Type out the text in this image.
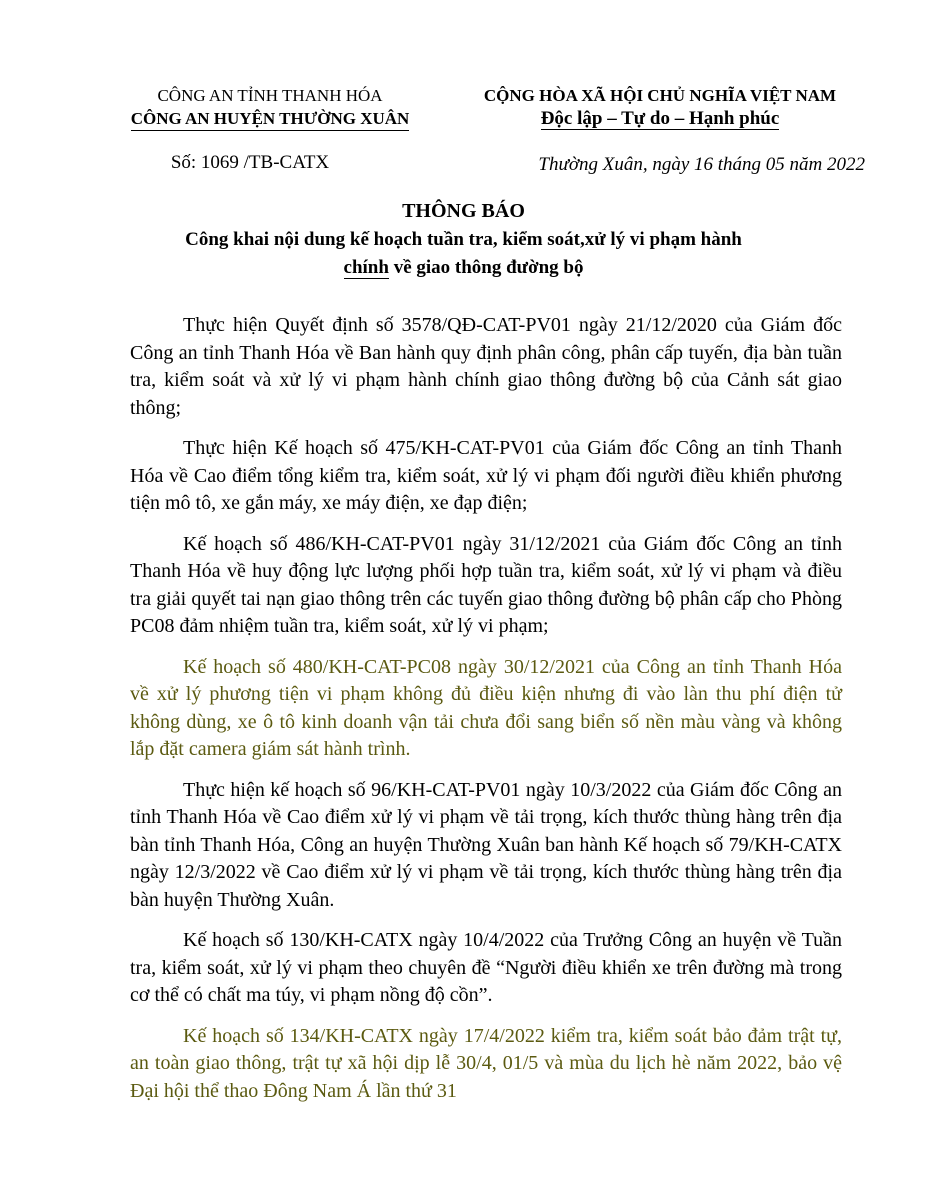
CÔNG AN TỈNH THANH HÓA
CÔNG AN HUYỆN THƯỜNG XUÂN
CỘNG HÒA XÃ HỘI CHỦ NGHĨA VIỆT NAM
Độc lập – Tự do – Hạnh phúc
Số: 1069 /TB-CATX	Thường Xuân, ngày 16 tháng 05 năm 2022
THÔNG BÁO
Công khai nội dung kế hoạch tuần tra, kiểm soát,xử lý vi phạm hành chính về giao thông đường bộ

Thực hiện Quyết định số 3578/QĐ-CAT-PV01 ngày 21/12/2020 của Giám đốc Công an tỉnh Thanh Hóa về Ban hành quy định phân công, phân cấp tuyến, địa bàn tuần tra, kiểm soát và xử lý vi phạm hành chính giao thông đường bộ của Cảnh sát giao thông;

Thực hiện Kế hoạch số 475/KH-CAT-PV01 của Giám đốc Công an tỉnh Thanh Hóa về Cao điểm tổng kiểm tra, kiểm soát, xử lý vi phạm đối người điều khiển phương tiện mô tô, xe gắn máy, xe máy điện, xe đạp điện;

Kế hoạch số 486/KH-CAT-PV01 ngày 31/12/2021 của Giám đốc Công an tỉnh Thanh Hóa về huy động lực lượng phối hợp tuần tra, kiểm soát, xử lý vi phạm và điều tra giải quyết tai nạn giao thông trên các tuyến giao thông đường bộ phân cấp cho Phòng PC08 đảm nhiệm tuần tra, kiểm soát, xử lý vi phạm;

Kế hoạch số 480/KH-CAT-PC08 ngày 30/12/2021 của Công an tỉnh Thanh Hóa về xử lý phương tiện vi phạm không đủ điều kiện nhưng đi vào làn thu phí điện tử không dùng, xe ô tô kinh doanh vận tải chưa đổi sang biển số nền màu vàng và không lắp đặt camera giám sát hành trình.

Thực hiện kế hoạch số 96/KH-CAT-PV01 ngày 10/3/2022 của Giám đốc Công an tỉnh Thanh Hóa về Cao điểm xử lý vi phạm về tải trọng, kích thước thùng hàng trên địa bàn tỉnh Thanh Hóa, Công an huyện Thường Xuân ban hành Kế hoạch số 79/KH-CATX ngày 12/3/2022 về Cao điểm xử lý vi phạm về tải trọng, kích thước thùng hàng trên địa bàn huyện Thường Xuân.

Kế hoạch số 130/KH-CATX ngày 10/4/2022 của Trưởng Công an huyện về Tuần tra, kiểm soát, xử lý vi phạm theo chuyên đề “Người điều khiển xe trên đường mà trong cơ thể có chất ma túy, vi phạm nồng độ cồn”.

Kế hoạch số 134/KH-CATX ngày 17/4/2022 kiểm tra, kiểm soát bảo đảm trật tự, an toàn giao thông, trật tự xã hội dịp lễ 30/4, 01/5 và mùa du lịch hè năm 2022, bảo vệ Đại hội thể thao Đông Nam Á lần thứ 31
